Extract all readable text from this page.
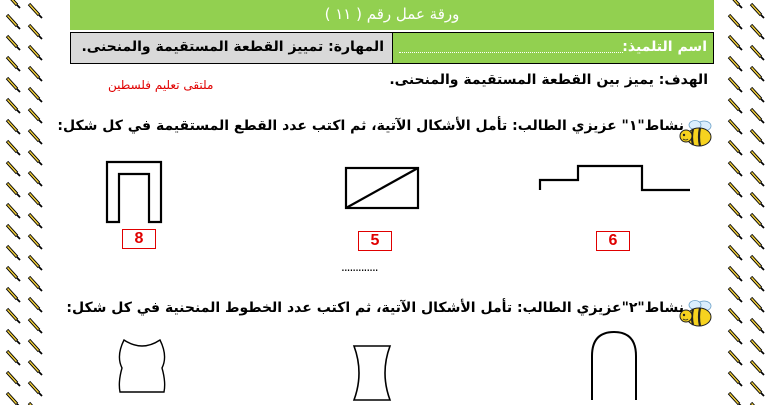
ورقة عمل رقم ( ١١ )
اسم التلميذ:
المهارة: تمييز القطعة المستقيمة والمنحنى.
الهدف: يميز بين القطعة المستقيمة والمنحنى.
ملتقى تعليم فلسطين
نشاط"١" عزيزي الطالب: تأمل الأشكال الآتية، ثم اكتب عدد القطع المستقيمة في كل شكل:
8	5	6
.............
نشاط"٢"عزيزي الطالب: تأمل الأشكال الآتية، ثم اكتب عدد الخطوط المنحنية في كل شكل:
